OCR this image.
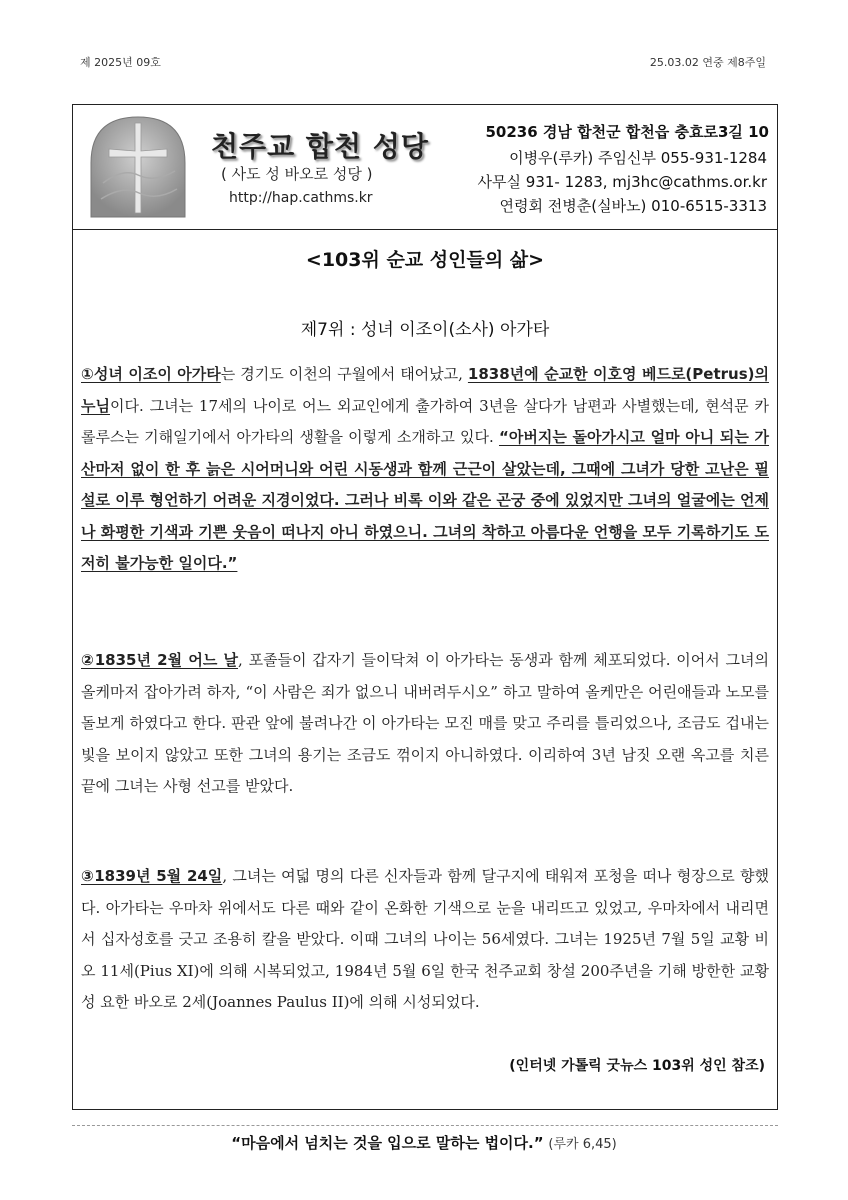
제 2025년 09호	25.03.02 연중 제8주일
천주교 합천 성당
( 사도 성 바오로 성당 )
http://hap.cathms.kr
50236 경남 합천군 합천읍 충효로3길 10
이병우(루카) 주임신부 055-931-1284
사무실 931- 1283, mj3hc@cathms.or.kr
연령회 전병춘(실바노) 010-6515-3313
<103위 순교 성인들의 삶>
제7위 : 성녀 이조이(소사) 아가타
①성녀 이조이 아가타는 경기도 이천의 구월에서 태어났고, 1838년에 순교한 이호영 베드로(Petrus)의 누님이다. 그녀는 17세의 나이로 어느 외교인에게 출가하여 3년을 살다가 남편과 사별했는데, 현석문 카롤루스는 기해일기에서 아가타의 생활을 이렇게 소개하고 있다. “아버지는 돌아가시고 얼마 아니 되는 가산마저 없이 한 후 늙은 시어머니와 어린 시동생과 함께 근근이 살았는데, 그때에 그녀가 당한 고난은 필설로 이루 형언하기 어려운 지경이었다. 그러나 비록 이와 같은 곤궁 중에 있었지만 그녀의 얼굴에는 언제나 화평한 기색과 기쁜 웃음이 떠나지 아니 하였으니. 그녀의 착하고 아름다운 언행을 모두 기록하기도 도저히 불가능한 일이다.”
②1835년 2월 어느 날, 포졸들이 갑자기 들이닥쳐 이 아가타는 동생과 함께 체포되었다. 이어서 그녀의 올케마저 잡아가려 하자, “이 사람은 죄가 없으니 내버려두시오” 하고 말하여 올케만은 어린애들과 노모를 돌보게 하였다고 한다. 판관 앞에 불려나간 이 아가타는 모진 매를 맞고 주리를 틀리었으나, 조금도 겁내는 빛을 보이지 않았고 또한 그녀의 용기는 조금도 꺾이지 아니하였다. 이리하여 3년 남짓 오랜 옥고를 치른 끝에 그녀는 사형 선고를 받았다.
③1839년 5월 24일, 그녀는 여덟 명의 다른 신자들과 함께 달구지에 태워져 포청을 떠나 형장으로 향했다. 아가타는 우마차 위에서도 다른 때와 같이 온화한 기색으로 눈을 내리뜨고 있었고, 우마차에서 내리면서 십자성호를 긋고 조용히 칼을 받았다. 이때 그녀의 나이는 56세였다. 그녀는 1925년 7월 5일 교황 비오 11세(Pius XI)에 의해 시복되었고, 1984년 5월 6일 한국 천주교회 창설 200주년을 기해 방한한 교황 성 요한 바오로 2세(Joannes Paulus II)에 의해 시성되었다.
(인터넷 가톨릭 굿뉴스 103위 성인 참조)
“마음에서 넘치는 것을 입으로 말하는 법이다.” (루카 6,45)
